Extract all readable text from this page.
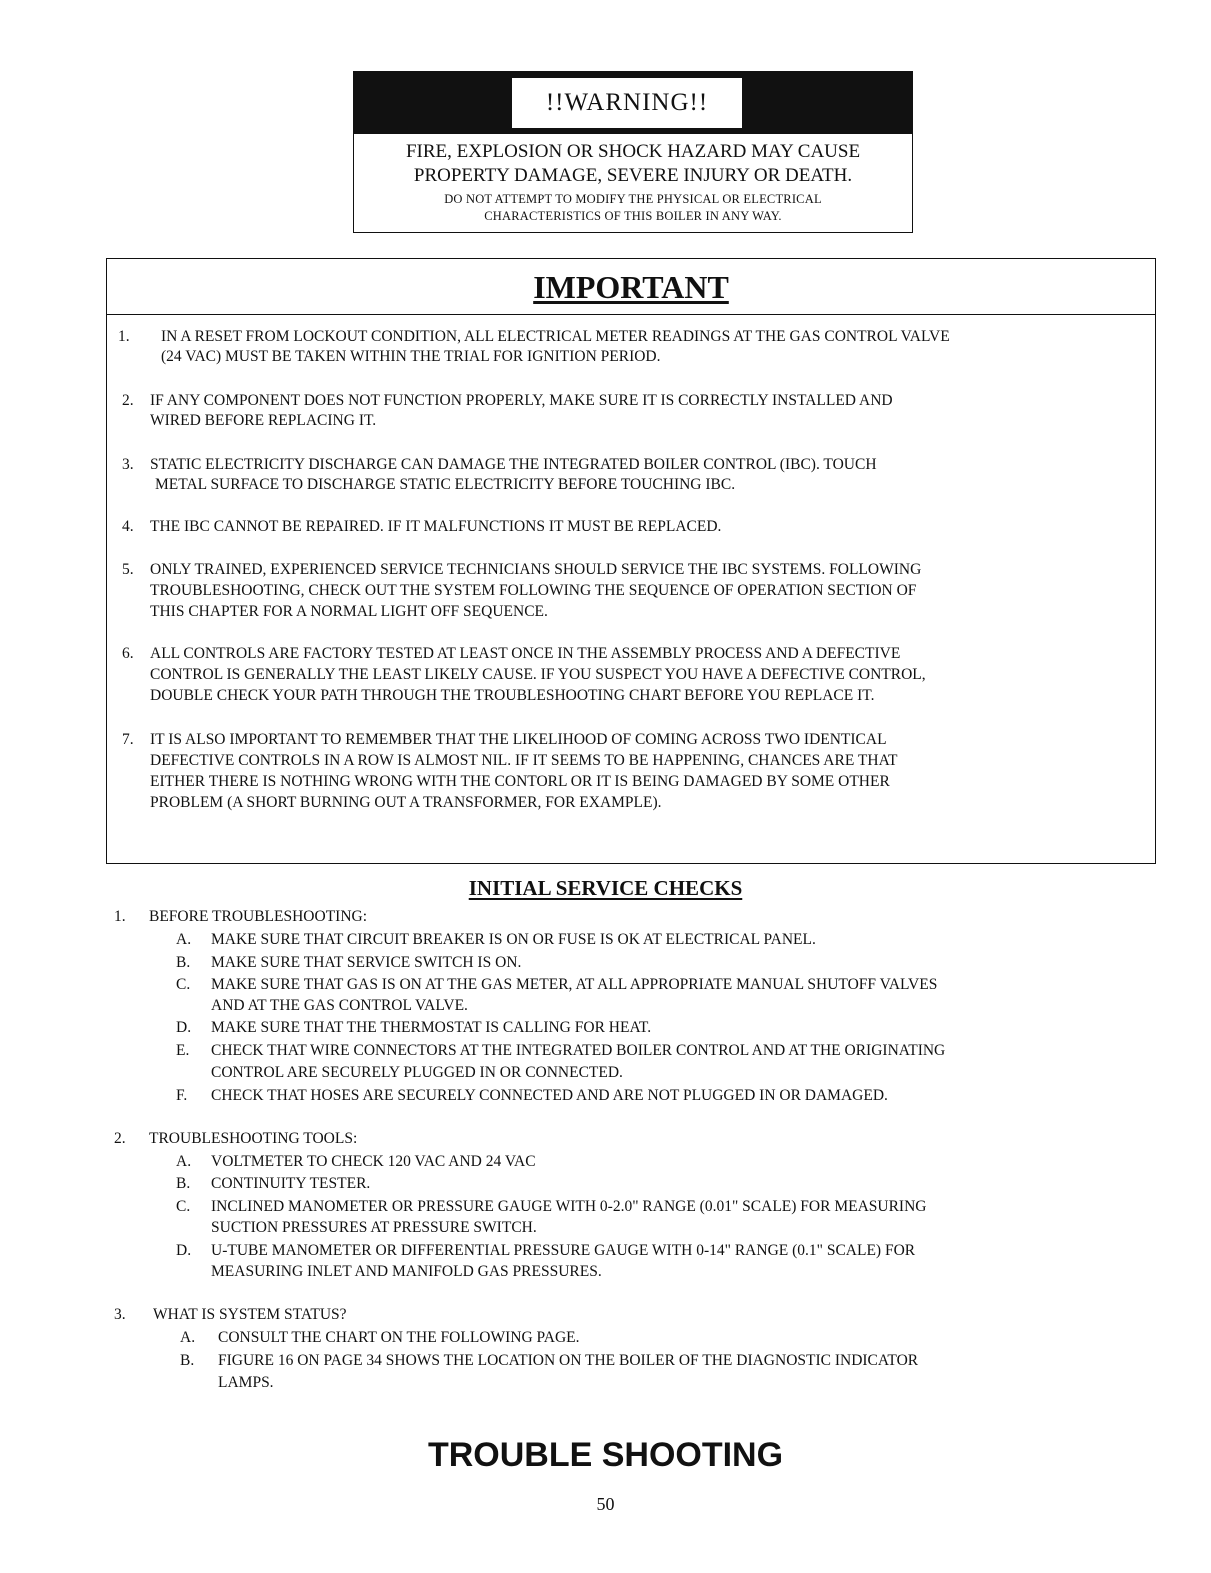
!!WARNING!!
FIRE, EXPLOSION OR SHOCK HAZARD MAY CAUSE
PROPERTY DAMAGE, SEVERE INJURY OR DEATH.
DO NOT ATTEMPT TO MODIFY THE PHYSICAL OR ELECTRICAL
CHARACTERISTICS OF THIS BOILER IN ANY WAY.
IMPORTANT
1. IN A RESET FROM LOCKOUT CONDITION, ALL ELECTRICAL METER READINGS AT THE GAS CONTROL VALVE
(24 VAC) MUST BE TAKEN WITHIN THE TRIAL FOR IGNITION PERIOD.
2. IF ANY COMPONENT DOES NOT FUNCTION PROPERLY, MAKE SURE IT IS CORRECTLY INSTALLED AND
WIRED BEFORE REPLACING IT.
3. STATIC ELECTRICITY DISCHARGE CAN DAMAGE THE INTEGRATED BOILER CONTROL (IBC). TOUCH
METAL SURFACE TO DISCHARGE STATIC ELECTRICITY BEFORE TOUCHING IBC.
4. THE IBC CANNOT BE REPAIRED. IF IT MALFUNCTIONS IT MUST BE REPLACED.
5. ONLY TRAINED, EXPERIENCED SERVICE TECHNICIANS SHOULD SERVICE THE IBC SYSTEMS. FOLLOWING
TROUBLESHOOTING, CHECK OUT THE SYSTEM FOLLOWING THE SEQUENCE OF OPERATION SECTION OF
THIS CHAPTER FOR A NORMAL LIGHT OFF SEQUENCE.
6. ALL CONTROLS ARE FACTORY TESTED AT LEAST ONCE IN THE ASSEMBLY PROCESS AND A DEFECTIVE
CONTROL IS GENERALLY THE LEAST LIKELY CAUSE. IF YOU SUSPECT YOU HAVE A DEFECTIVE CONTROL,
DOUBLE CHECK YOUR PATH THROUGH THE TROUBLESHOOTING CHART BEFORE YOU REPLACE IT.
7. IT IS ALSO IMPORTANT TO REMEMBER THAT THE LIKELIHOOD OF COMING ACROSS TWO IDENTICAL
DEFECTIVE CONTROLS IN A ROW IS ALMOST NIL. IF IT SEEMS TO BE HAPPENING, CHANCES ARE THAT
EITHER THERE IS NOTHING WRONG WITH THE CONTORL OR IT IS BEING DAMAGED BY SOME OTHER
PROBLEM (A SHORT BURNING OUT A TRANSFORMER, FOR EXAMPLE).
INITIAL SERVICE CHECKS
1. BEFORE TROUBLESHOOTING:
A. MAKE SURE THAT CIRCUIT BREAKER IS ON OR FUSE IS OK AT ELECTRICAL PANEL.
B. MAKE SURE THAT SERVICE SWITCH IS ON.
C. MAKE SURE THAT GAS IS ON AT THE GAS METER, AT ALL APPROPRIATE MANUAL SHUTOFF VALVES
AND AT THE GAS CONTROL VALVE.
D. MAKE SURE THAT THE THERMOSTAT IS CALLING FOR HEAT.
E. CHECK THAT WIRE CONNECTORS AT THE INTEGRATED BOILER CONTROL AND AT THE ORIGINATING
CONTROL ARE SECURELY PLUGGED IN OR CONNECTED.
F. CHECK THAT HOSES ARE SECURELY CONNECTED AND ARE NOT PLUGGED IN OR DAMAGED.
2. TROUBLESHOOTING TOOLS:
A. VOLTMETER TO CHECK 120 VAC AND 24 VAC
B. CONTINUITY TESTER.
C. INCLINED MANOMETER OR PRESSURE GAUGE WITH 0-2.0" RANGE (0.01" SCALE) FOR MEASURING
SUCTION PRESSURES AT PRESSURE SWITCH.
D. U-TUBE MANOMETER OR DIFFERENTIAL PRESSURE GAUGE WITH 0-14" RANGE (0.1" SCALE) FOR
MEASURING INLET AND MANIFOLD GAS PRESSURES.
3. WHAT IS SYSTEM STATUS?
A. CONSULT THE CHART ON THE FOLLOWING PAGE.
B. FIGURE 16 ON PAGE 34 SHOWS THE LOCATION ON THE BOILER OF THE DIAGNOSTIC INDICATOR
LAMPS.
TROUBLE SHOOTING
50
